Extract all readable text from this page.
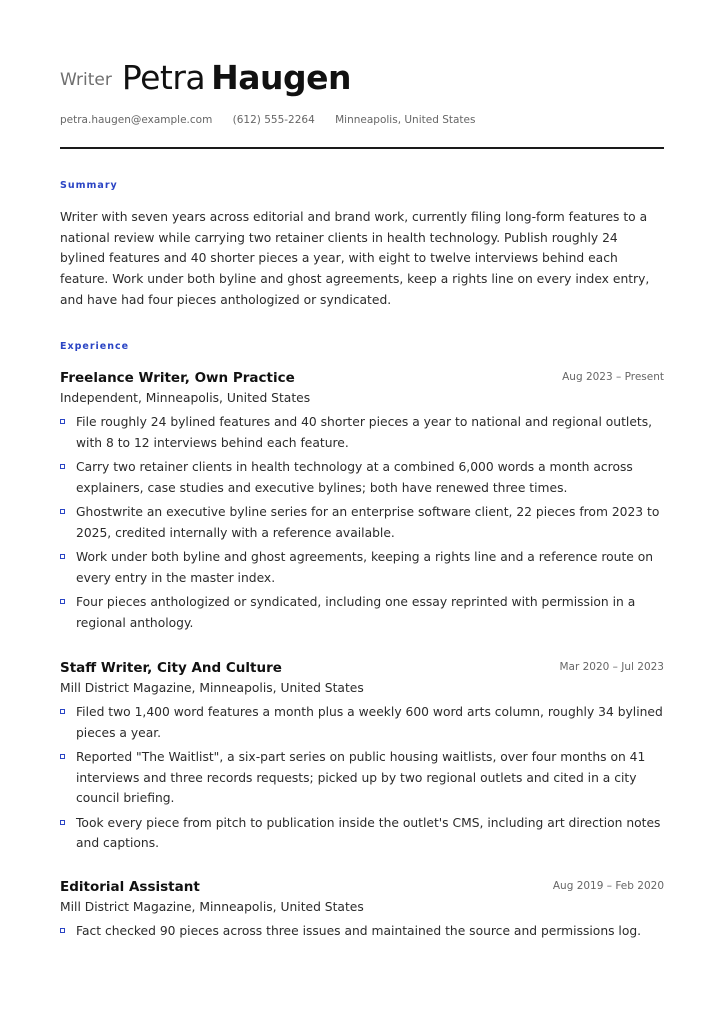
Writer Petra Haugen
petra.haugen@example.com (612) 555-2264 Minneapolis, United States
Summary
Writer with seven years across editorial and brand work, currently filing long-form features to a national review while carrying two retainer clients in health technology. Publish roughly 24 bylined features and 40 shorter pieces a year, with eight to twelve interviews behind each feature. Work under both byline and ghost agreements, keep a rights line on every index entry, and have had four pieces anthologized or syndicated.
Experience
Freelance Writer, Own Practice	Aug 2023 – Present
Independent, Minneapolis, United States
File roughly 24 bylined features and 40 shorter pieces a year to national and regional outlets, with 8 to 12 interviews behind each feature.
Carry two retainer clients in health technology at a combined 6,000 words a month across explainers, case studies and executive bylines; both have renewed three times.
Ghostwrite an executive byline series for an enterprise software client, 22 pieces from 2023 to 2025, credited internally with a reference available.
Work under both byline and ghost agreements, keeping a rights line and a reference route on every entry in the master index.
Four pieces anthologized or syndicated, including one essay reprinted with permission in a regional anthology.
Staff Writer, City And Culture	Mar 2020 – Jul 2023
Mill District Magazine, Minneapolis, United States
Filed two 1,400 word features a month plus a weekly 600 word arts column, roughly 34 bylined pieces a year.
Reported "The Waitlist", a six-part series on public housing waitlists, over four months on 41 interviews and three records requests; picked up by two regional outlets and cited in a city council briefing.
Took every piece from pitch to publication inside the outlet's CMS, including art direction notes and captions.
Editorial Assistant	Aug 2019 – Feb 2020
Mill District Magazine, Minneapolis, United States
Fact checked 90 pieces across three issues and maintained the source and permissions log.
